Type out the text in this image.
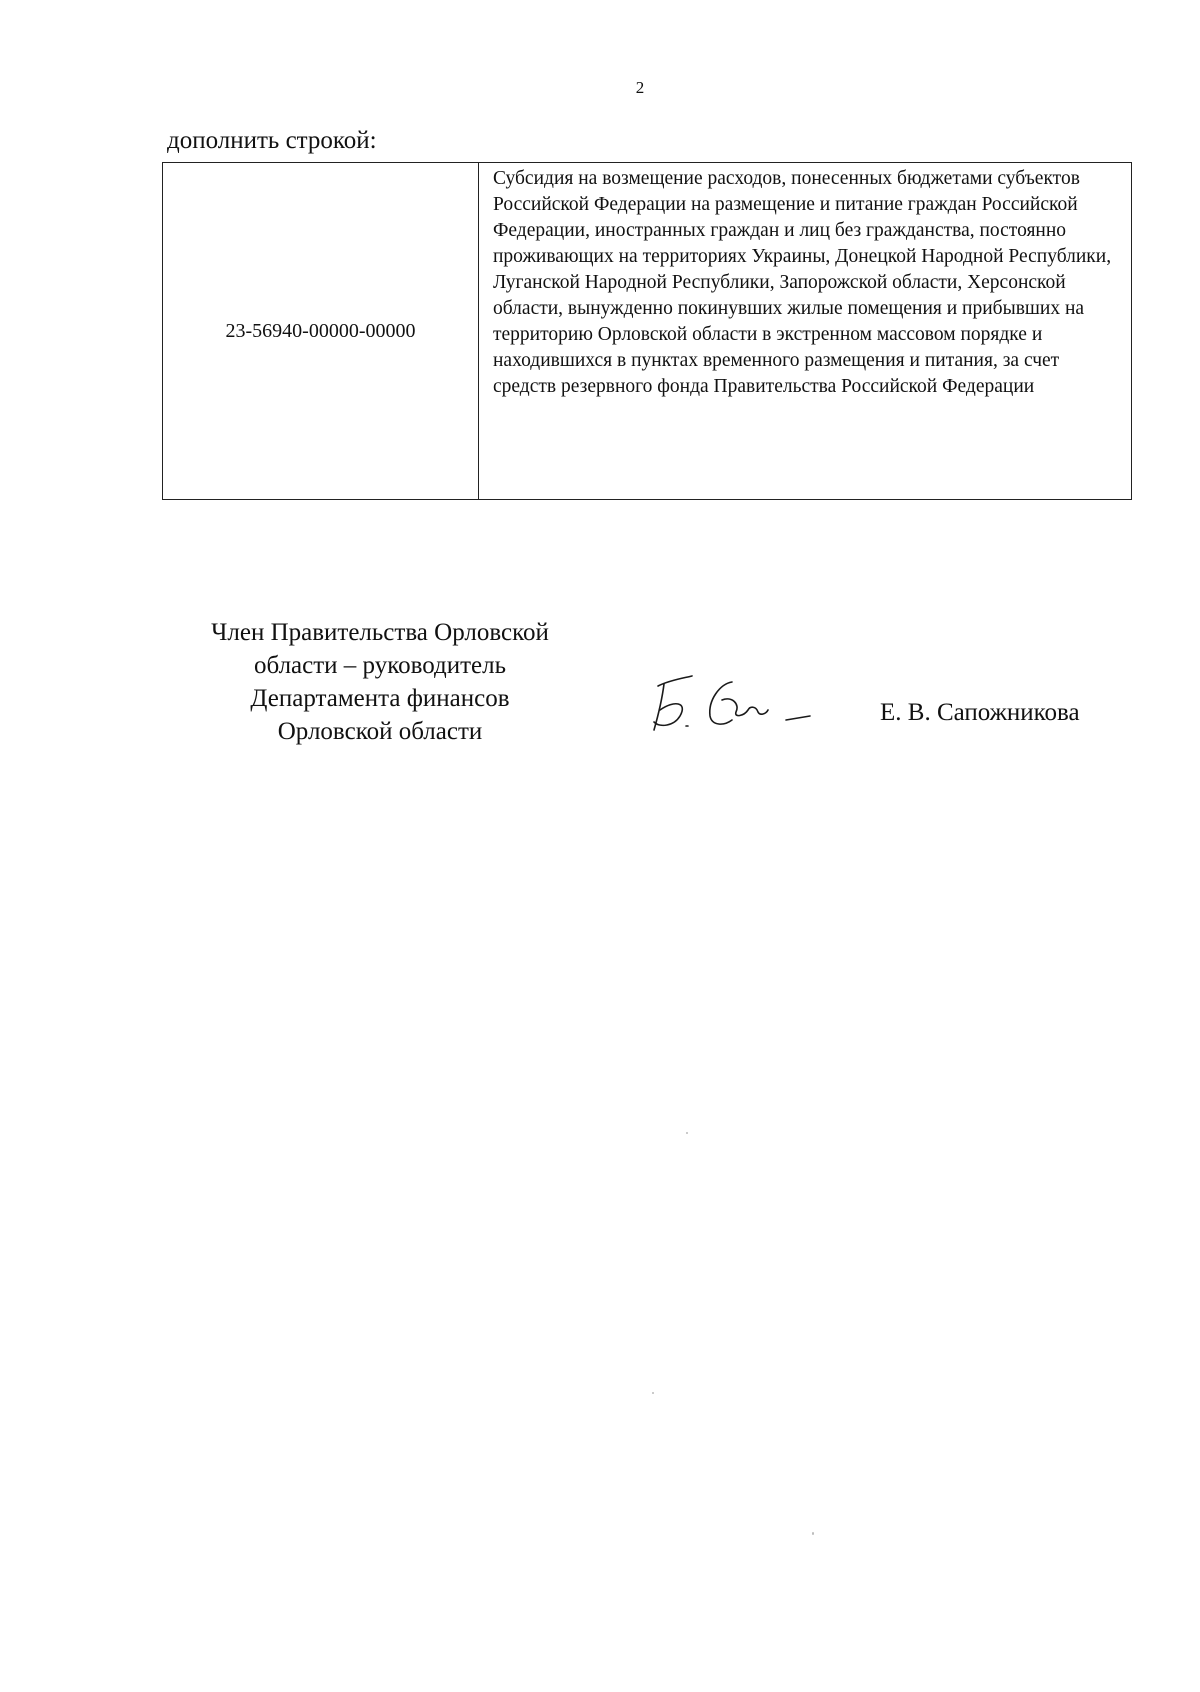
2
дополнить строкой:
23-56940-00000-00000	Субсидия на возмещение расходов, понесенных бюджетами субъектов Российской Федерации на размещение и питание граждан Российской Федерации, иностранных граждан и лиц без гражданства, постоянно проживающих на территориях Украины, Донецкой Народной Республики, Луганской Народной Республики, Запорожской области, Херсонской области, вынужденно покинувших жилые помещения и прибывших на территорию Орловской области в экстренном массовом порядке и находившихся в пунктах временного размещения и питания, за счет средств резервного фонда Правительства Российской Федерации
Член Правительства Орловской
области – руководитель
Департамента финансов
Орловской области
Е. В. Сапожникова
